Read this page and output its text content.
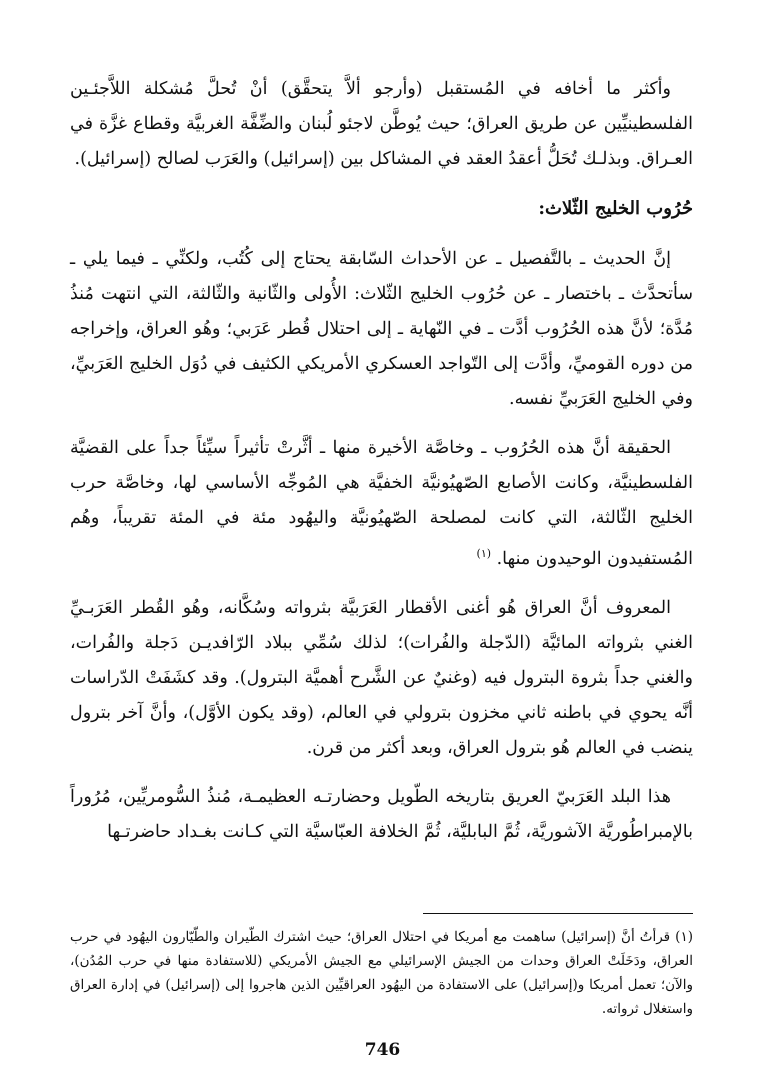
وأكثر ما أخافه في المُستقبل (وأرجو ألاَّ يتحقَّق) أنْ تُحلَّ مُشكلة اللاَّجئـين الفلسطينيِّين عن طريق العراق؛ حيث يُوطَّن لاجئو لُبنان والضِّفَّة الغربيَّة وقطاع غزَّة في العـراق. وبذلـك تُحَلُّ أعقدُ العقد في المشاكل بين (إسرائيل) والعَرَب لصالح (إسرائيل).

حُرُوب الخليج الثّلاث:

إنَّ الحديث ـ بالتَّفصيل ـ عن الأحداث السّابقة يحتاج إلى كُتُب، ولكنِّي ـ فيما يلي ـ سأتحدَّث ـ باختصار ـ عن حُرُوب الخليج الثّلاث: الأُولى والثّانية والثّالثة، التي انتهت مُنذُ مُدَّة؛ لأنَّ هذه الحُرُوب أدَّت ـ في النّهاية ـ إلى احتلال قُطر عَرَبي؛ وهُو العراق، وإخراجه من دوره القوميِّ، وأدَّت إلى التّواجد العسكري الأمريكي الكثيف في دُوَل الخليج العَرَبيِّ، وفي الخليج العَرَبيِّ نفسه.

الحقيقة أنَّ هذه الحُرُوب ـ وخاصَّة الأخيرة منها ـ أثَّرتْ تأثيراً سيِّئاً جداً على القضيَّة الفلسطينيَّة، وكانت الأصابع الصّهيُونيَّة الخفيَّة هي المُوجِّه الأساسي لها، وخاصَّة حرب الخليج الثّالثة، التي كانت لمصلحة الصّهيُونيَّة واليهُود مئة في المئة تقريباً، وهُم المُستفيدون الوحيدون منها. $^{(١)}$

المعروف أنَّ العراق هُو أغنى الأقطار العَرَبيَّة بثرواته وسُكَّانه، وهُو القُطر العَرَبـيِّ الغني بثرواته المائيَّة (الدّجلة والفُرات)؛ لذلك سُمِّي ببلاد الرّافديـن دَجلة والفُرات، والغني جداً بثروة البترول فيه (وغنيٌ عن الشَّرح أهميَّة البترول). وقد كشَفَتْ الدّراسات أنَّه يحوي في باطنه ثاني مخزون بترولي في العالم، (وقد يكون الأوَّل)، وأنَّ آخر بترول ينضب في العالم هُو بترول العراق، وبعد أكثر من قرن.

هذا البلد العَرَبيّ العريق بتاريخه الطّويل وحضارتـه العظيمـة، مُنذُ السُّومريِّين، مُرُوراً بالإمبراطُوريَّة الآشوريَّة، ثُمَّ البابليَّة، ثُمَّ الخلافة العبّاسيَّة التي كـانت بغـداد حاضرتـها

(١) قرأتُ أنَّ (إسرائيل) ساهمت مع أمريكا في احتلال العراق؛ حيث اشترك الطّيران والطّيّارون اليهُود في حرب العراق، ودَخَلَتْ العراق وحدات من الجيش الإسرائيلي مع الجيش الأمريكي (للاستفادة منها في حرب المُدُن)، والآن؛ تعمل أمريكا و(إسرائيل) على الاستفادة من اليهُود العراقيِّين الذين هاجروا إلى (إسرائيل) في إدارة العراق واستغلال ثرواته.

746
